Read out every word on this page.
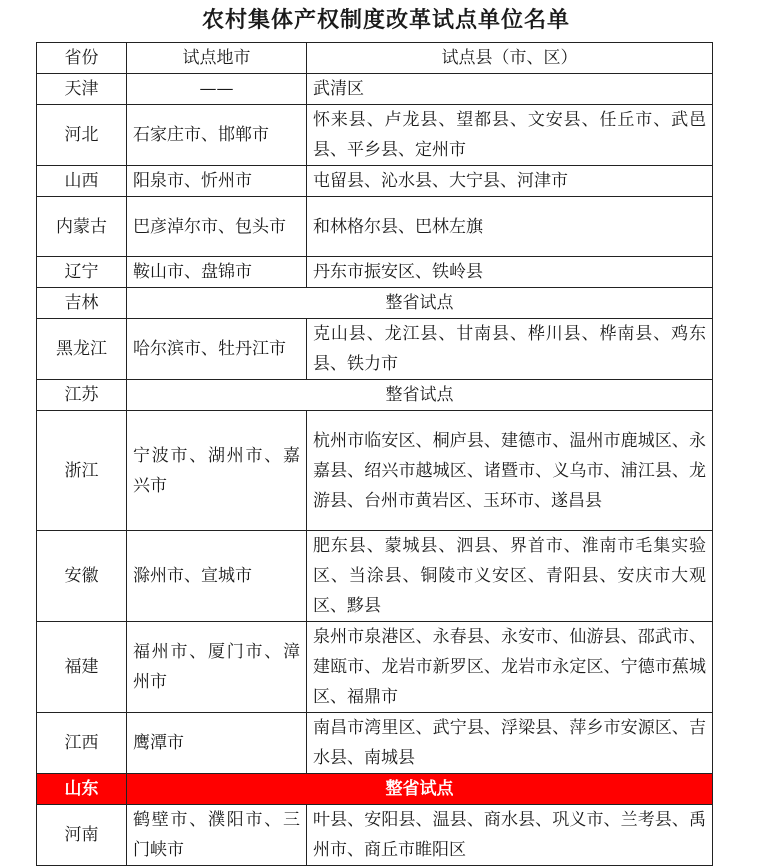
农村集体产权制度改革试点单位名单
省份	试点地市	试点县（市、区）
天津	——	武清区
河北	石家庄市、邯郸市	怀来县、卢龙县、望都县、文安县、任丘市、武邑县、平乡县、定州市
山西	阳泉市、忻州市	屯留县、沁水县、大宁县、河津市
内蒙古	巴彦淖尔市、包头市	和林格尔县、巴林左旗
辽宁	鞍山市、盘锦市	丹东市振安区、铁岭县
吉林	整省试点	
黑龙江	哈尔滨市、牡丹江市	克山县、龙江县、甘南县、桦川县、桦南县、鸡东县、铁力市
江苏	整省试点	
浙江	宁波市、湖州市、嘉兴市	杭州市临安区、桐庐县、建德市、温州市鹿城区、永嘉县、绍兴市越城区、诸暨市、义乌市、浦江县、龙游县、台州市黄岩区、玉环市、遂昌县
安徽	滁州市、宣城市	肥东县、蒙城县、泗县、界首市、淮南市毛集实验区、当涂县、铜陵市义安区、青阳县、安庆市大观区、黟县
福建	福州市、厦门市、漳州市	泉州市泉港区、永春县、永安市、仙游县、邵武市、建瓯市、龙岩市新罗区、龙岩市永定区、宁德市蕉城区、福鼎市
江西	鹰潭市	南昌市湾里区、武宁县、浮梁县、萍乡市安源区、吉水县、南城县
山东	整省试点	
河南	鹤壁市、濮阳市、三门峡市	叶县、安阳县、温县、商水县、巩义市、兰考县、禹州市、商丘市睢阳区
